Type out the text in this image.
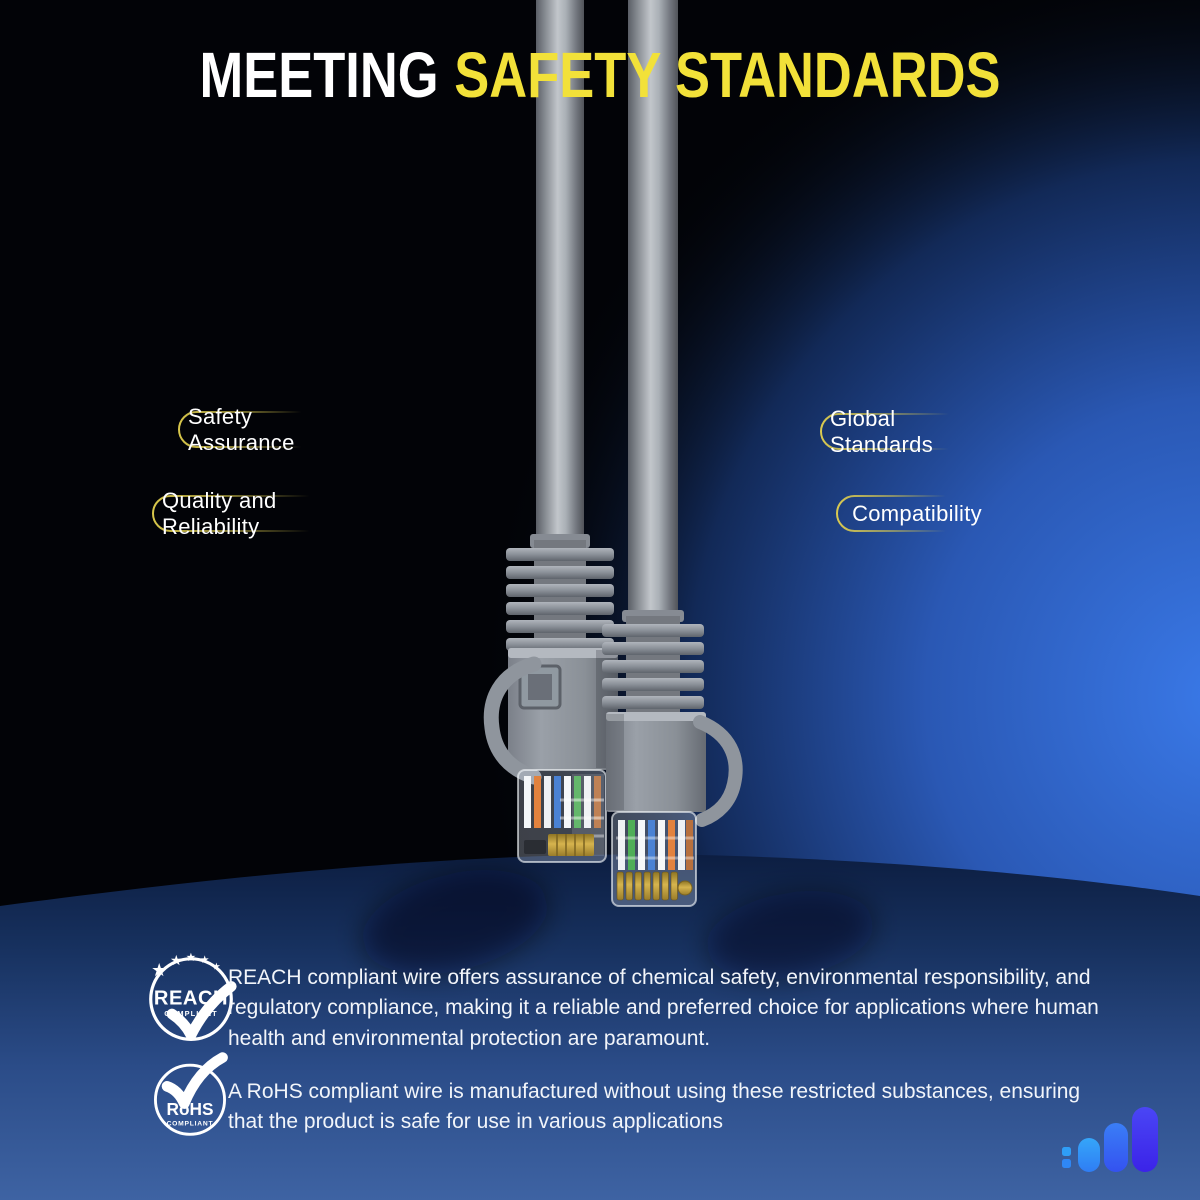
MEETING SAFETY STANDARDS
Safety Assurance
Quality and Reliability
Global Standards
Compatibility
★ ★ ★ ★
★
REACH
COMPLIANT
RoHS
COMPLIANT

REACH compliant wire offers assurance of chemical safety, environmental responsibility, and regulatory compliance, making it a reliable and preferred choice for applications where human health and environmental protection are paramount.

A RoHS compliant wire is manufactured without using these restricted substances, ensuring that the product is safe for use in various applications
